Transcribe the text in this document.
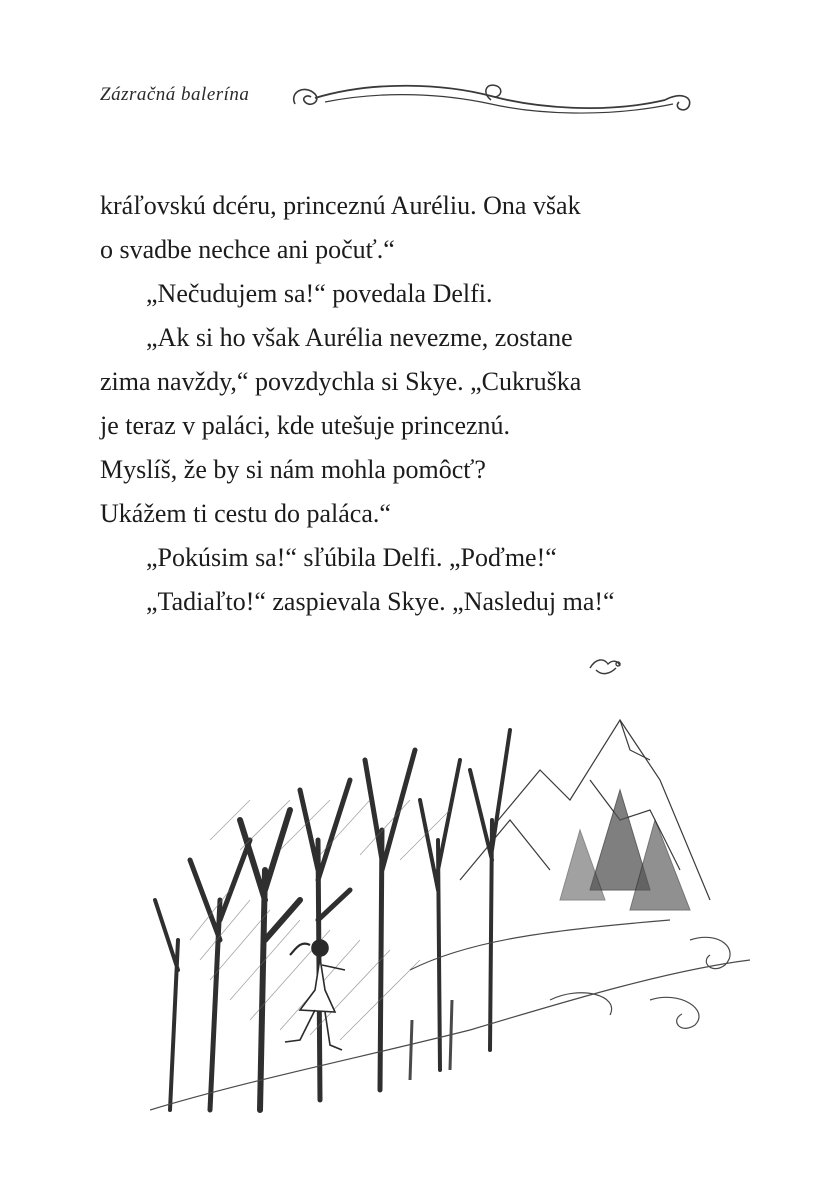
Zázračná balerína
kráľovskú dcéru, princeznú Auréliu. Ona však
o svadbe nechce ani počuť.“
„Nečudujem sa!“ povedala Delfi.
„Ak si ho však Aurélia nevezme, zostane
zima navždy,“ povzdychla si Skye. „Cukruška
je teraz v paláci, kde utešuje princeznú.
Myslíš, že by si nám mohla pomôcť?
Ukážem ti cestu do paláca.“
„Pokúsim sa!“ sľúbila Delfi. „Poďme!“
„Tadiaľto!“ zaspievala Skye. „Nasleduj ma!“
